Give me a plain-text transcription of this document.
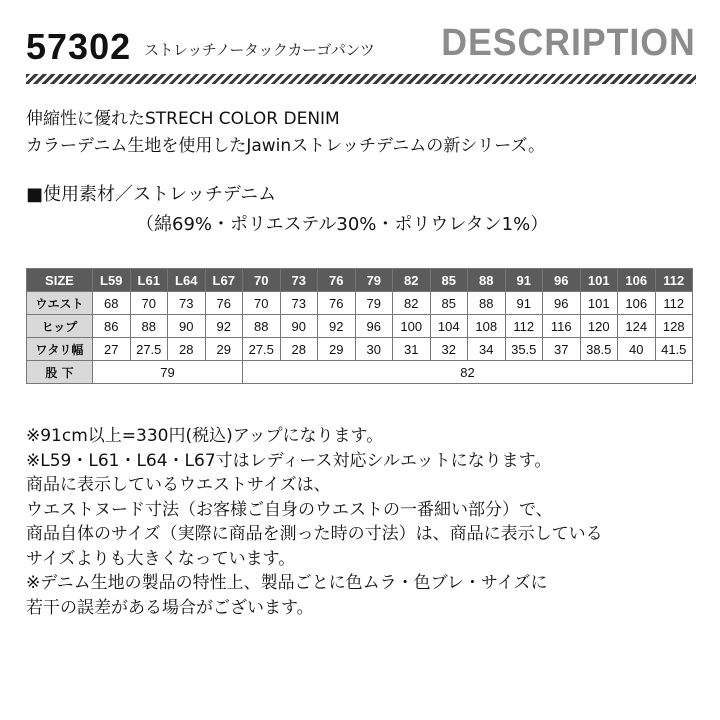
57302 ストレッチノータックカーゴパンツ DESCRIPTION
伸縮性に優れたSTRECH COLOR DENIM
カラーデニム生地を使用したJawinストレッチデニムの新シリーズ。
■使用素材／ストレッチデニム
（綿69%・ポリエステル30%・ポリウレタン1%）
SIZE	L59	L61	L64	L67	70	73	76	79	82	85	88	91	96	101	106	112
ウエスト	68	70	73	76	70	73	76	79	82	85	88	91	96	101	106	112
ヒップ	86	88	90	92	88	90	92	96	100	104	108	112	116	120	124	128
ワタリ幅	27	27.5	28	29	27.5	28	29	30	31	32	34	35.5	37	38.5	40	41.5
股 下	79				82											
※91cm以上=330円(税込)アップになります。
※L59・L61・L64・L67寸はレディース対応シルエットになります。
商品に表示しているウエストサイズは、
ウエストヌード寸法（お客様ご自身のウエストの一番細い部分）で、
商品自体のサイズ（実際に商品を測った時の寸法）は、商品に表示している
サイズよりも大きくなっています。
※デニム生地の製品の特性上、製品ごとに色ムラ・色ブレ・サイズに
若干の誤差がある場合がございます。
